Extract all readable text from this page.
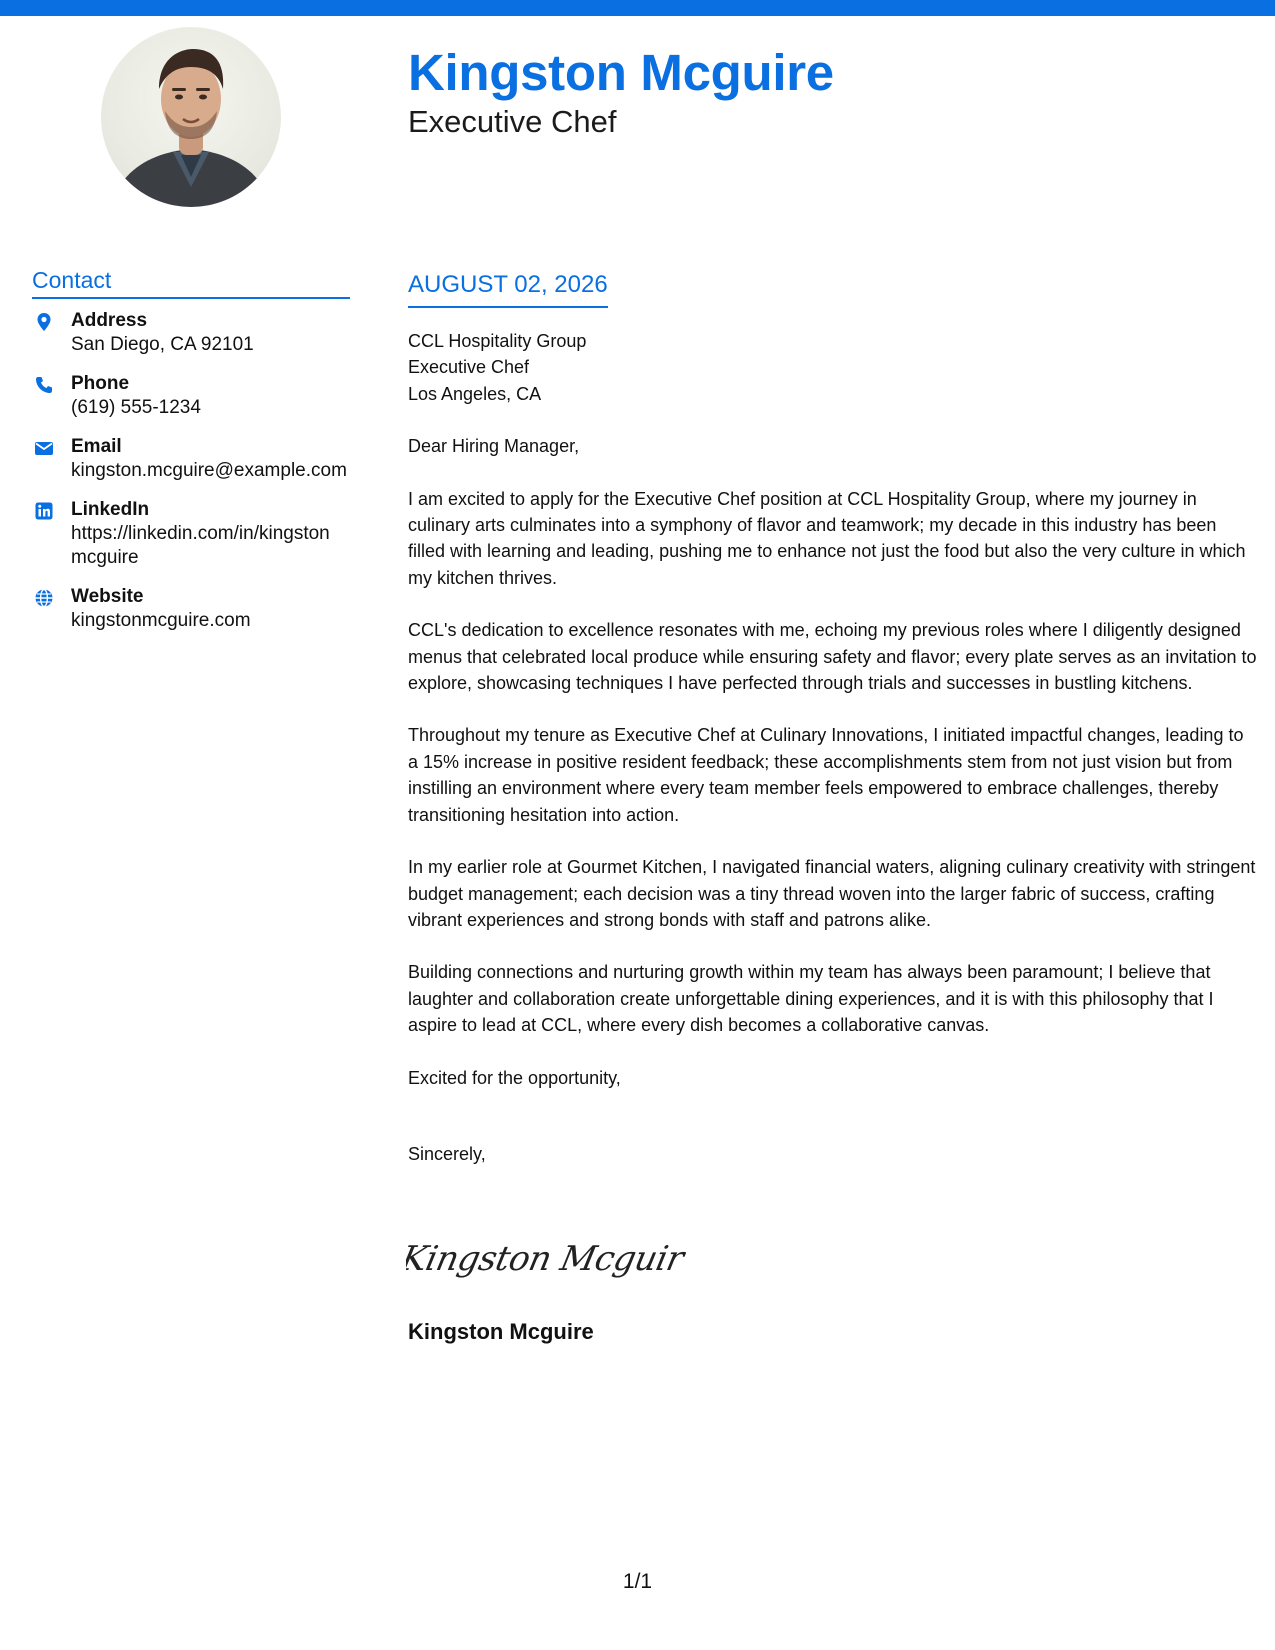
Kingston Mcguire
Executive Chef
Contact
Address
San Diego, CA 92101
Phone
(619) 555-1234
Email
kingston.mcguire@example.com
LinkedIn
https://linkedin.com/in/kingstonmcguire
Website
kingstonmcguire.com
AUGUST 02, 2026
CCL Hospitality Group
Executive Chef
Los Angeles, CA

Dear Hiring Manager,

I am excited to apply for the Executive Chef position at CCL Hospitality Group, where my journey in culinary arts culminates into a symphony of flavor and teamwork; my decade in this industry has been filled with learning and leading, pushing me to enhance not just the food but also the very culture in which my kitchen thrives.

CCL's dedication to excellence resonates with me, echoing my previous roles where I diligently designed menus that celebrated local produce while ensuring safety and flavor; every plate serves as an invitation to explore, showcasing techniques I have perfected through trials and successes in bustling kitchens.

Throughout my tenure as Executive Chef at Culinary Innovations, I initiated impactful changes, leading to a 15% increase in positive resident feedback; these accomplishments stem from not just vision but from instilling an environment where every team member feels empowered to embrace challenges, thereby transitioning hesitation into action.

In my earlier role at Gourmet Kitchen, I navigated financial waters, aligning culinary creativity with stringent budget management; each decision was a tiny thread woven into the larger fabric of success, crafting vibrant experiences and strong bonds with staff and patrons alike.

Building connections and nurturing growth within my team has always been paramount; I believe that laughter and collaboration create unforgettable dining experiences, and it is with this philosophy that I aspire to lead at CCL, where every dish becomes a collaborative canvas.

Excited for the opportunity,

Sincerely,

Kingston Mcguir
Kingston Mcguire
1/1
